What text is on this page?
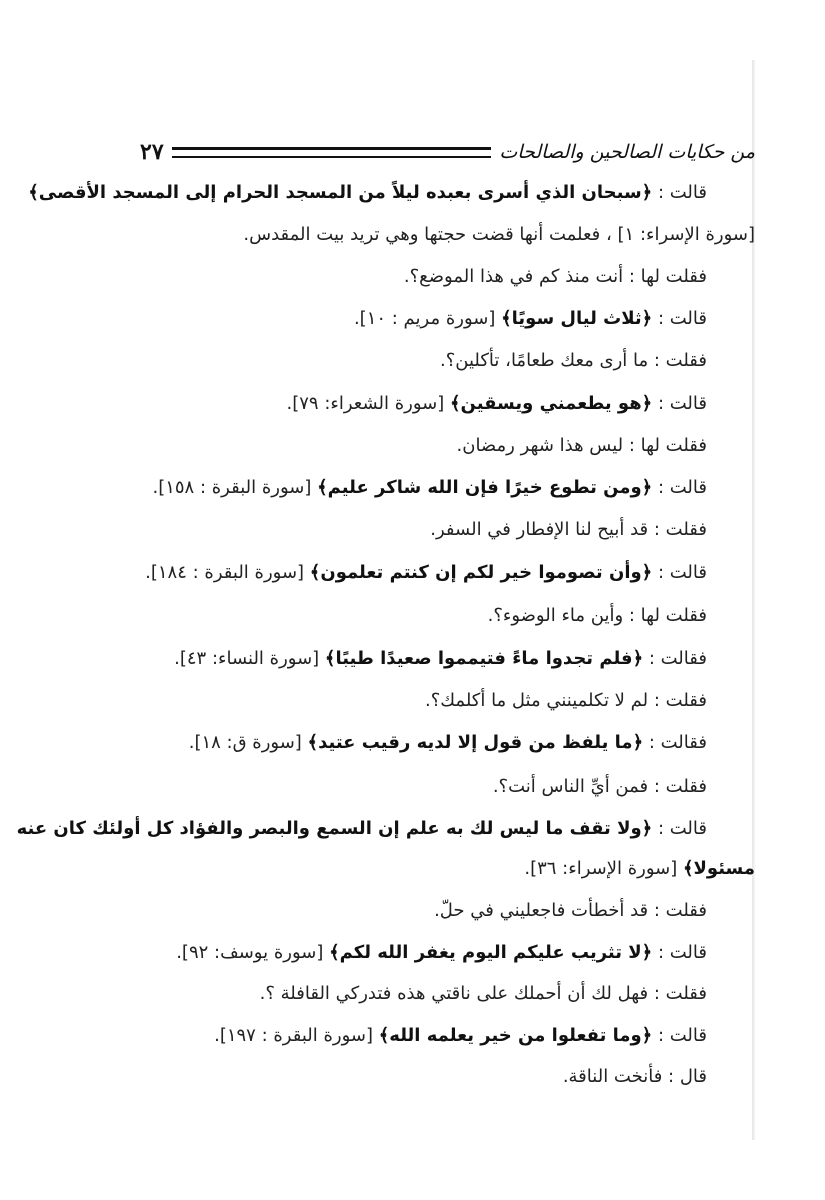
من حكايات الصالحين والصالحات
٢٧
قالت : ﴿سبحان الذي أسرى بعبده ليلاً من المسجد الحرام إلى المسجد الأقصى﴾
[سورة الإسراء: ١] ، فعلمت أنها قضت حجتها وهي تريد بيت المقدس.
فقلت لها : أنت منذ كم في هذا الموضع؟.
قالت : ﴿ثلاث ليال سويًا﴾ [سورة مريم : ١٠].
فقلت : ما أرى معك طعامًا، تأكلين؟.
قالت : ﴿هو يطعمني ويسقين﴾ [سورة الشعراء: ٧٩].
فقلت لها : ليس هذا شهر رمضان.
قالت : ﴿ومن تطوع خيرًا فإن الله شاكر عليم﴾ [سورة البقرة : ١٥٨].
فقلت : قد أبيح لنا الإفطار في السفر.
قالت : ﴿وأن تصوموا خير لكم إن كنتم تعلمون﴾ [سورة البقرة : ١٨٤].
فقلت لها : وأين ماء الوضوء؟.
فقالت : ﴿فلم تجدوا ماءً فتيمموا صعيدًا طيبًا﴾ [سورة النساء: ٤٣].
فقلت : لم لا تكلمينني مثل ما أكلمك؟.
فقالت : ﴿ما يلفظ من قول إلا لديه رقيب عتيد﴾ [سورة ق: ١٨].
فقلت : فمن أيِّ الناس أنت؟.
قالت : ﴿ولا تقف ما ليس لك به علم إن السمع والبصر والفؤاد كل أولئك كان عنه
مسئولا﴾ [سورة الإسراء: ٣٦].
فقلت : قد أخطأت فاجعليني في حلّ.
قالت : ﴿لا تثريب عليكم اليوم يغفر الله لكم﴾ [سورة يوسف: ٩٢].
فقلت : فهل لك أن أحملك على ناقتي هذه فتدركي القافلة ؟.
قالت : ﴿وما تفعلوا من خير يعلمه الله﴾ [سورة البقرة : ١٩٧].
قال : فأنخت الناقة.
